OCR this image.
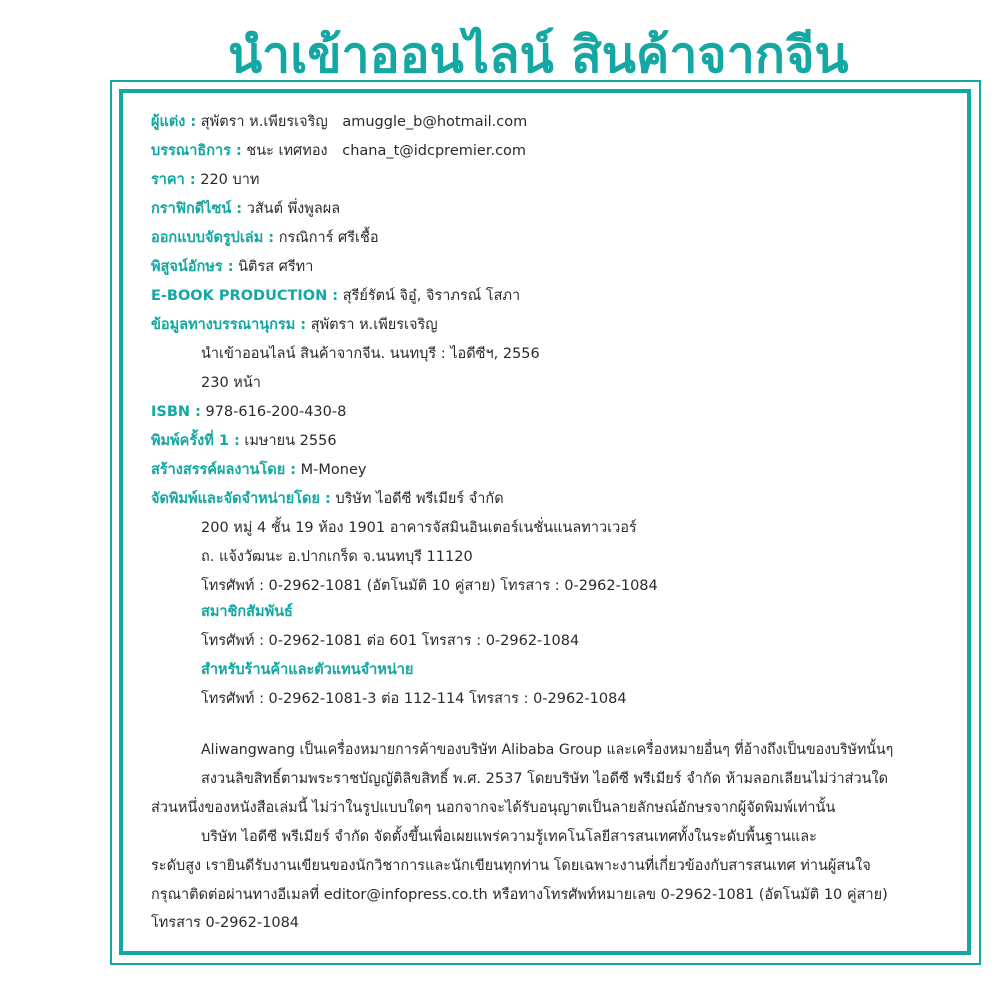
นำเข้าออนไลน์ สินค้าจากจีน
ผู้แต่ง : สุพัตรา ห.เพียรเจริญ amuggle_b@hotmail.com
บรรณาธิการ : ชนะ เทศทอง chana_t@idcpremier.com
ราคา : 220 บาท
กราฟิกดีไซน์ : วสันต์ พึ่งพูลผล
ออกแบบจัดรูปเล่ม : กรณิการ์ ศรีเชื้อ
พิสูจน์อักษร : นิติรส ศรีทา
E-BOOK PRODUCTION : สุรีย์รัตน์ จิอู๋, จิราภรณ์ โสภา
ข้อมูลทางบรรณานุกรม : สุพัตรา ห.เพียรเจริญ
นำเข้าออนไลน์ สินค้าจากจีน. นนทบุรี : ไอดีซีฯ, 2556
230 หน้า
ISBN : 978-616-200-430-8
พิมพ์ครั้งที่ 1 : เมษายน 2556
สร้างสรรค์ผลงานโดย : M-Money
จัดพิมพ์และจัดจำหน่ายโดย : บริษัท ไอดีซี พรีเมียร์ จำกัด
200 หมู่ 4 ชั้น 19 ห้อง 1901 อาคารจัสมินอินเตอร์เนชั่นแนลทาวเวอร์
ถ. แจ้งวัฒนะ อ.ปากเกร็ด จ.นนทบุรี 11120
โทรศัพท์ : 0-2962-1081 (อัตโนมัติ 10 คู่สาย) โทรสาร : 0-2962-1084
สมาชิกสัมพันธ์
โทรศัพท์ : 0-2962-1081 ต่อ 601 โทรสาร : 0-2962-1084
สำหรับร้านค้าและตัวแทนจำหน่าย
โทรศัพท์ : 0-2962-1081-3 ต่อ 112-114 โทรสาร : 0-2962-1084
Aliwangwang เป็นเครื่องหมายการค้าของบริษัท Alibaba Group และเครื่องหมายอื่นๆ ที่อ้างถึงเป็นของบริษัทนั้นๆ
สงวนลิขสิทธิ์ตามพระราชบัญญัติลิขสิทธิ์ พ.ศ. 2537 โดยบริษัท ไอดีซี พรีเมียร์ จำกัด ห้ามลอกเลียนไม่ว่าส่วนใด
ส่วนหนึ่งของหนังสือเล่มนี้ ไม่ว่าในรูปแบบใดๆ นอกจากจะได้รับอนุญาตเป็นลายลักษณ์อักษรจากผู้จัดพิมพ์เท่านั้น
บริษัท ไอดีซี พรีเมียร์ จำกัด จัดตั้งขึ้นเพื่อเผยแพร่ความรู้เทคโนโลยีสารสนเทศทั้งในระดับพื้นฐานและ
ระดับสูง เรายินดีรับงานเขียนของนักวิชาการและนักเขียนทุกท่าน โดยเฉพาะงานที่เกี่ยวข้องกับสารสนเทศ ท่านผู้สนใจ
กรุณาติดต่อผ่านทางอีเมลที่ editor@infopress.co.th หรือทางโทรศัพท์หมายเลข 0-2962-1081 (อัตโนมัติ 10 คู่สาย)
โทรสาร 0-2962-1084
